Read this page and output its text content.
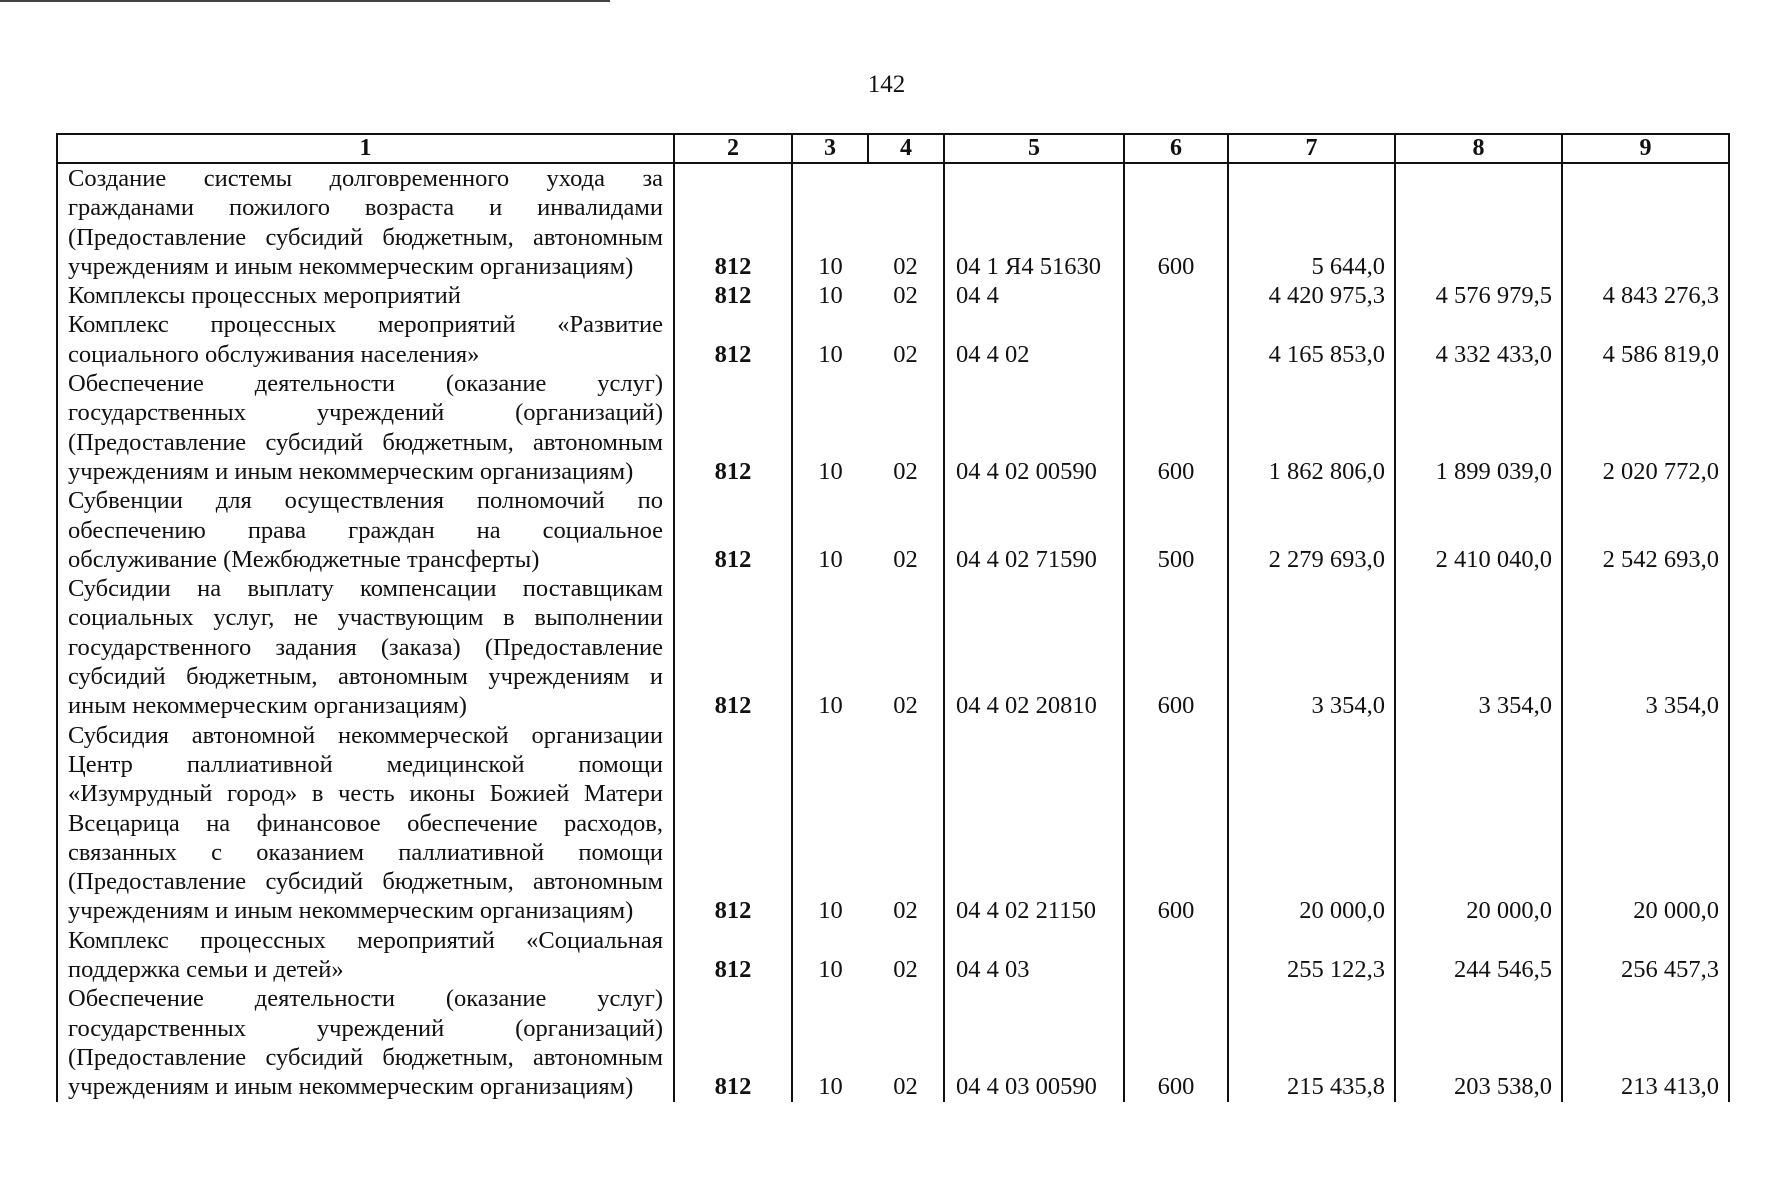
142
1	2	3	4	5	6	7	8	9
Создание системы долговременного ухода за гражданами пожилого возраста и инвалидами (Предоставление субсидий бюджетным, автономным учреждениям и иным некоммерческим организациям)	812	10	02	04 1 Я4 51630	600	5 644,0		
Комплексы процессных мероприятий	812	10	02	04 4		4 420 975,3	4 576 979,5	4 843 276,3
Комплекс процессных мероприятий «Развитие социального обслуживания населения»	812	10	02	04 4 02		4 165 853,0	4 332 433,0	4 586 819,0
Обеспечение деятельности (оказание услуг) государственных учреждений (организаций) (Предоставление субсидий бюджетным, автономным учреждениям и иным некоммерческим организациям)	812	10	02	04 4 02 00590	600	1 862 806,0	1 899 039,0	2 020 772,0
Субвенции для осуществления полномочий по обеспечению права граждан на социальное обслуживание (Межбюджетные трансферты)	812	10	02	04 4 02 71590	500	2 279 693,0	2 410 040,0	2 542 693,0
Субсидии на выплату компенсации поставщикам социальных услуг, не участвующим в выполнении государственного задания (заказа) (Предоставление субсидий бюджетным, автономным учреждениям и иным некоммерческим организациям)	812	10	02	04 4 02 20810	600	3 354,0	3 354,0	3 354,0
Субсидия автономной некоммерческой организации Центр паллиативной медицинской помощи «Изумрудный город» в честь иконы Божией Матери Всецарица на финансовое обеспечение расходов, связанных с оказанием паллиативной помощи (Предоставление субсидий бюджетным, автономным учреждениям и иным некоммерческим организациям)	812	10	02	04 4 02 21150	600	20 000,0	20 000,0	20 000,0
Комплекс процессных мероприятий «Социальная поддержка семьи и детей»	812	10	02	04 4 03		255 122,3	244 546,5	256 457,3
Обеспечение деятельности (оказание услуг) государственных учреждений (организаций) (Предоставление субсидий бюджетным, автономным учреждениям и иным некоммерческим организациям)	812	10	02	04 4 03 00590	600	215 435,8	203 538,0	213 413,0
